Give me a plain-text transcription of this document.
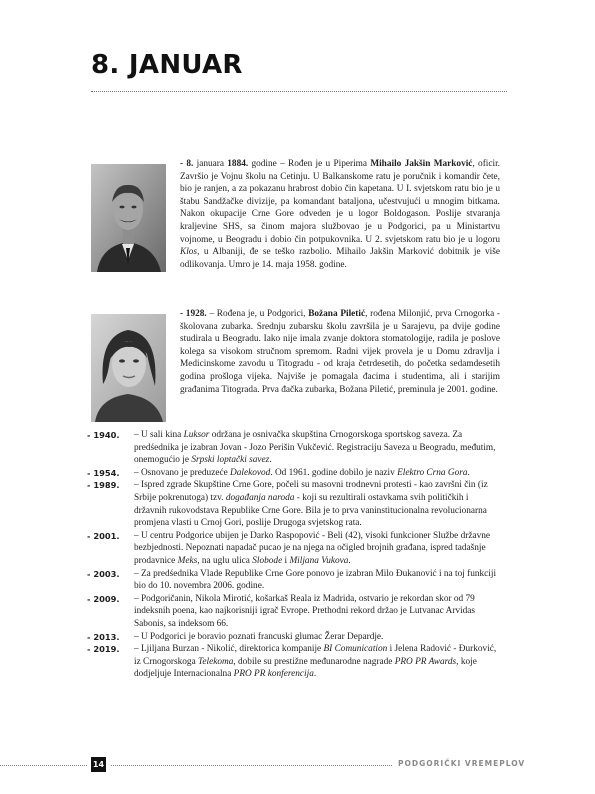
8. JANUAR

- 8. januara 1884. godine – Rođen je u Piperima Mihailo Jakšin Marković, oficir. Završio je Vojnu školu na Cetinju. U Balkanskome ratu je poručnik i komandir čete, bio je ranjen, a za pokazanu hrabrost dobio čin kapetana. U I. svjetskom ratu bio je u štabu Sandžačke divizije, pa komandant bataljona, učestvujući u mnogim bitkama. Nakon okupacije Crne Gore odveden je u logor Boldogason. Poslije stvaranja kraljevine SHS, sa činom majora službovao je u Podgorici, pa u Ministartvu vojnome, u Beogradu i dobio čin potpukovnika. U 2. svjetskom ratu bio je u logoru Klos, u Albaniji, đe se teško razbolio. Mihailo Jakšin Marković dobitnik je više odlikovanja. Umro je 14. maja 1958. godine.

- 1928. – Rođena je, u Podgorici, Božana Piletić, rođena Milonjić, prva Crnogorka - školovana zubarka. Srednju zubarsku školu završila je u Sarajevu, pa dvije godine studirala u Beogradu. Iako nije imala zvanje doktora stomatologije, radila je poslove kolega sa visokom stručnom spremom. Radni vijek provela je u Domu zdravlja i Medicinskome zavodu u Titogradu - od kraja četrdesetih, do početka sedamdesetih godina prošloga vijeka. Najviše je pomagala đacima i studentima, ali i starijim građanima Titograda. Prva đačka zubarka, Božana Piletić, preminula je 2001. godine.

- 1940.	– U sali kina Luksor održana je osnivačka skupština Crnogorskoga sportskog saveza. Za predśednika je izabran Jovan - Jozo Perišin Vukčević. Registraciju Saveza u Beogradu, međutim, onemogućio je Srpski loptački savez.

- 1954.	– Osnovano je preduzeće Dalekovod. Od 1961. godine dobilo je naziv Elektro Crna Gora.

- 1989.	– Ispred zgrade Skupštine Crne Gore, počeli su masovni trodnevni protesti - kao završni čin (iz Srbije pokrenutoga) tzv. događanja naroda - koji su rezultirali ostavkama svih političkih i državnih rukovodstava Republike Crne Gore. Bila je to prva vaninstitucionalna revolucionarna promjena vlasti u Crnoj Gori, poslije Drugoga svjetskog rata.

- 2001.	– U centru Podgorice ubijen je Darko Raspopović - Beli (42), visoki funkcioner Službe državne bezbjednosti. Nepoznati napadač pucao je na njega na očigled brojnih građana, ispred tadašnje prodavnice Meks, na uglu ulica Slobode i Miljana Vukova.

- 2003.	– Za predśednika Vlade Republike Crne Gore ponovo je izabran Milo Đukanović i na toj funkciji bio do 10. novembra 2006. godine.

- 2009.	– Podgoričanin, Nikola Mirotić, košarkaš Reala iz Madrida, ostvario je rekordan skor od 79 indeksnih poena, kao najkorisniji igrač Evrope. Prethodni rekord držao je Lutvanac Arvidas Sabonis, sa indeksom 66.

- 2013.	– U Podgorici je boravio poznati francuski glumac Žerar Depardje.

- 2019.	– Ljiljana Burzan - Nikolić, direktorica kompanije BI Comunication i Jelena Radović - Đurković, iz Crnogorskoga Telekoma, dobile su prestižne međunarodne nagrade PRO PR Awards, koje dodjeljuje Internacionalna PRO PR konferencija.

14	PODGORIČKI VREMEPLOV
